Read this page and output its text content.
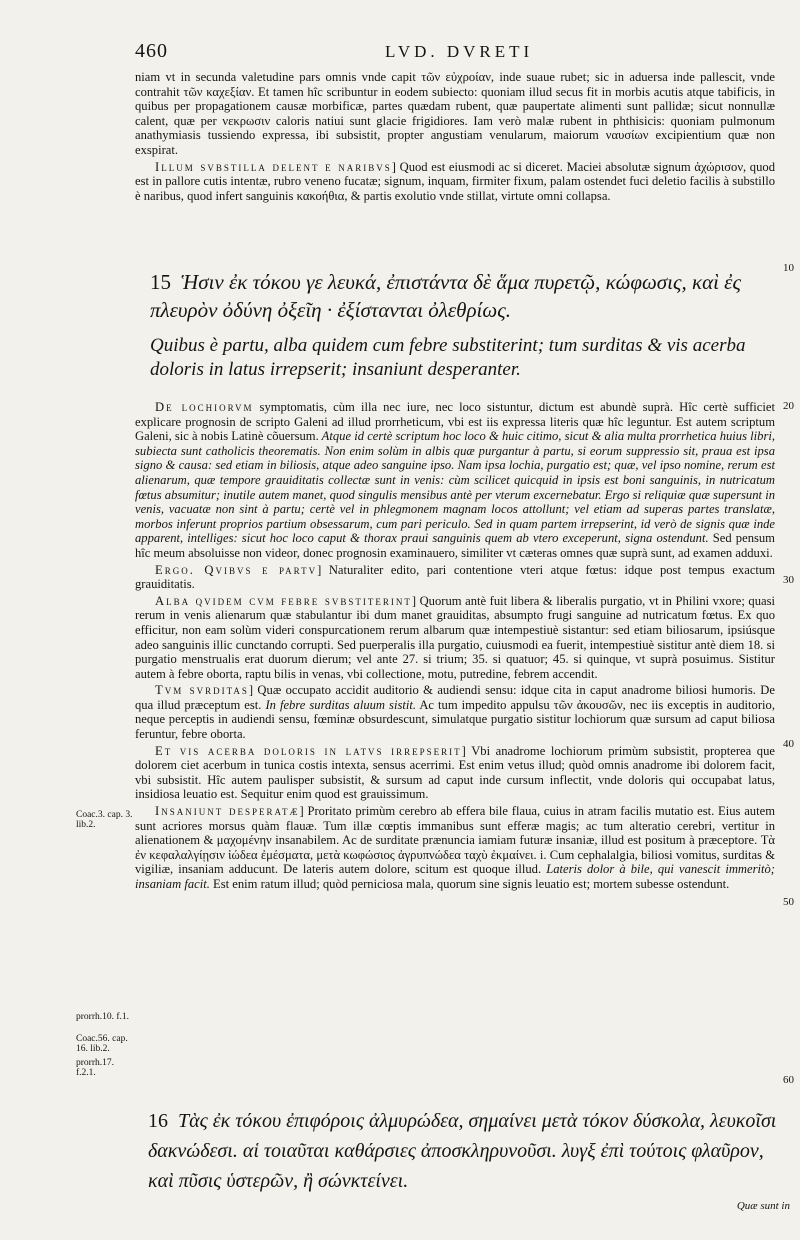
460	LVD. DVRETI

niam vt in secunda valetudine pars omnis vnde capit τῶν εὐχροίαν, inde suaue rubet; sic in aduersa inde pallescit, vnde contrahit τῶν καχεξίαν. Et tamen hîc scribuntur in eodem subiecto: quoniam illud secus fit in morbis acutis atque tabificis, in quibus per propagationem causæ morbificæ, partes quædam rubent, quæ paupertate alimenti sunt pallidæ; sicut nonnullæ calent, quæ per νεκρωσιν caloris natiui sunt glacie frigidiores. Iam verò malæ rubent in phthisicis: quoniam pulmonum anathymiasis tussiendo expressa, ibi subsistit, propter angustiam venularum, maiorum ναυσίων excipientium quæ non exspirat.

Illum svbstilla delent e naribvs] Quod est eiusmodi ac si diceret. Maciei absolutæ signum ἀχώρισον, quod est in pallore cutis intentæ, rubro veneno fucatæ; signum, inquam, firmiter fixum, palam ostendet fuci deletio facilis à substillo è naribus, quod infert sanguinis κακοήθια, & partis exolutio vnde stillat, virtute omni collapsa.

15 Ἡσιν ἐκ τόκου γε λευκά, ἐπιστάντα δὲ ἅμα πυρετῷ, κώφωσις, καὶ ἐς πλευρὸν ὀδύνη ὀξεῖη · ἐξίστανται ὀλεθρίως.
Quibus è partu, alba quidem cum febre substiterint; tum surditas & vis acerba doloris in latus irrepserit; insaniunt desperanter.

De lochiorvm symptomatis, cùm illa nec iure, nec loco sistuntur, dictum est abundè suprà. Hîc certè sufficiet explicare prognosin de scripto Galeni ad illud prorrheticum, vbi est iis expressa literis quæ hîc leguntur. Est autem scriptum Galeni, sic à nobis Latinè cõuersum. Atque id certè scriptum hoc loco & huic citimo, sicut & alia multa prorrhetica huius libri, subiecta sunt catholicis theorematis. Non enim solùm in albis quæ purgantur à partu, si eorum suppressio sit, praua est ipsa signo & causa: sed etiam in biliosis, atque adeo sanguine ipso. Nam ipsa lochia, purgatio est; quæ, vel ipso nomine, rerum est alienarum, quæ tempore grauiditatis collectæ sunt in venis: cùm scilicet quicquid in ipsis est boni sanguinis, in nutricatum fœtus absumitur; inutile autem manet, quod singulis mensibus antè per vterum excernebatur. Ergo si reliquiæ quæ supersunt in venis, vacuatæ non sint à partu; certè vel in phlegmonem magnam locos attollunt; vel etiam ad superas partes translatæ, morbos inferunt proprios partium obsessarum, cum pari periculo. Sed in quam partem irrepserint, id verò de signis quæ inde apparent, intelliges: sicut hoc loco caput & thorax praui sanguinis quem ab vtero exceperunt, signa ostendunt. Sed pensum hîc meum absoluisse non videor, donec prognosin examinauero, similiter vt cæteras omnes quæ suprà sunt, ad examen adduxi.

Ergo. Qvibvs e partv] Naturaliter edito, pari contentione vteri atque fœtus: idque post tempus exactum grauiditatis.

Alba qvidem cvm febre svbstiterint] Quorum antè fuit libera & liberalis purgatio, vt in Philini vxore; quasi rerum in venis alienarum quæ stabulantur ibi dum manet grauiditas, absumpto frugi sanguine ad nutricatum fœtus. Ex quo efficitur, non eam solùm videri conspurcationem rerum albarum quæ intempestiuè sistantur: sed etiam biliosarum, ipsiúsque adeo sanguinis illic cunctando corrupti. Sed puerperalis illa purgatio, cuiusmodi ea fuerit, intempestiuè sistitur antè diem 18. si purgatio menstrualis erat duorum dierum; vel ante 27. si trium; 35. si quatuor; 45. si quinque, vt suprà posuimus. Sistitur autem à febre oborta, raptu bilis in venas, vbi collectione, motu, putredine, febrem accendit.

Tvm svrditas] Quæ occupato accidit auditorio & audiendi sensu: idque cita in caput anadrome biliosi humoris. De qua illud præceptum est. In febre surditas aluum sistit. Ac tum impedito appulsu τῶν ἀκουσῶν, nec iis exceptis in auditorio, neque perceptis in audiendi sensu, fœminæ obsurdescunt, simulatque purgatio sistitur lochiorum quæ sursum ad caput biliosa feruntur, febre oborta.

Et vis acerba doloris in latvs irrepserit] Vbi anadrome lochiorum primùm subsistit, propterea que dolorem ciet acerbum in tunica costis intexta, sensus acerrimi. Est enim vetus illud; quòd omnis anadrome ibi dolorem facit, vbi subsistit. Hîc autem paulisper subsistit, & sursum ad caput inde cursum inflectit, vnde doloris qui occupabat latus, insidiosa leuatio est. Sequitur enim quod est grauissimum.

Insaniunt desperatæ] Proritato primùm cerebro ab effera bile flaua, cuius in atram facilis mutatio est. Eius autem sunt acriores morsus quàm flauæ. Tum illæ cœptis immanibus sunt efferæ magis; ac tum alteratio cerebri, vertitur in alienationem & μαχομένην insanabilem. Ac de surditate prænuncia iamiam futuræ insaniæ, illud est positum à præceptore. Τὰ ἐν κεφαλαλγίῃσιν ἰώδεα ἐμέσματα, μετὰ κωφώσιος ἀγρυπνώδεα ταχὺ ἐκμαίνει. i. Cum cephalalgia, biliosi vomitus, surditas & vigiliæ, insaniam adducunt. De lateris autem dolore, scitum est quoque illud. Lateris dolor à bile, qui vanescit immeritò; insaniam facit. Est enim ratum illud; quòd perniciosa mala, quorum sine signis leuatio est; mortem subesse ostendunt.

16 Τὰς ἐκ τόκου ἐπιφόροις ἀλμυρώδεα, σημαίνει μετὰ τόκον δύσκολα, λευκοῖσι δακνώδεσι. αἱ τοιαῦται καθάρσιες ἀποσκληρυνοῦσι. λυγξ ἐπὶ τούτοις φλαῦρον, καὶ πῦσις ὑστερῶν, ἢ σώνκτείνει.
10
20
30
40
50
60
Coac.3. cap. 3. lib.2.
prorrh.10. f.1.
Coac.56. cap. 16. lib.2.
prorrh.17. f.2.1.
Quæ sunt in
